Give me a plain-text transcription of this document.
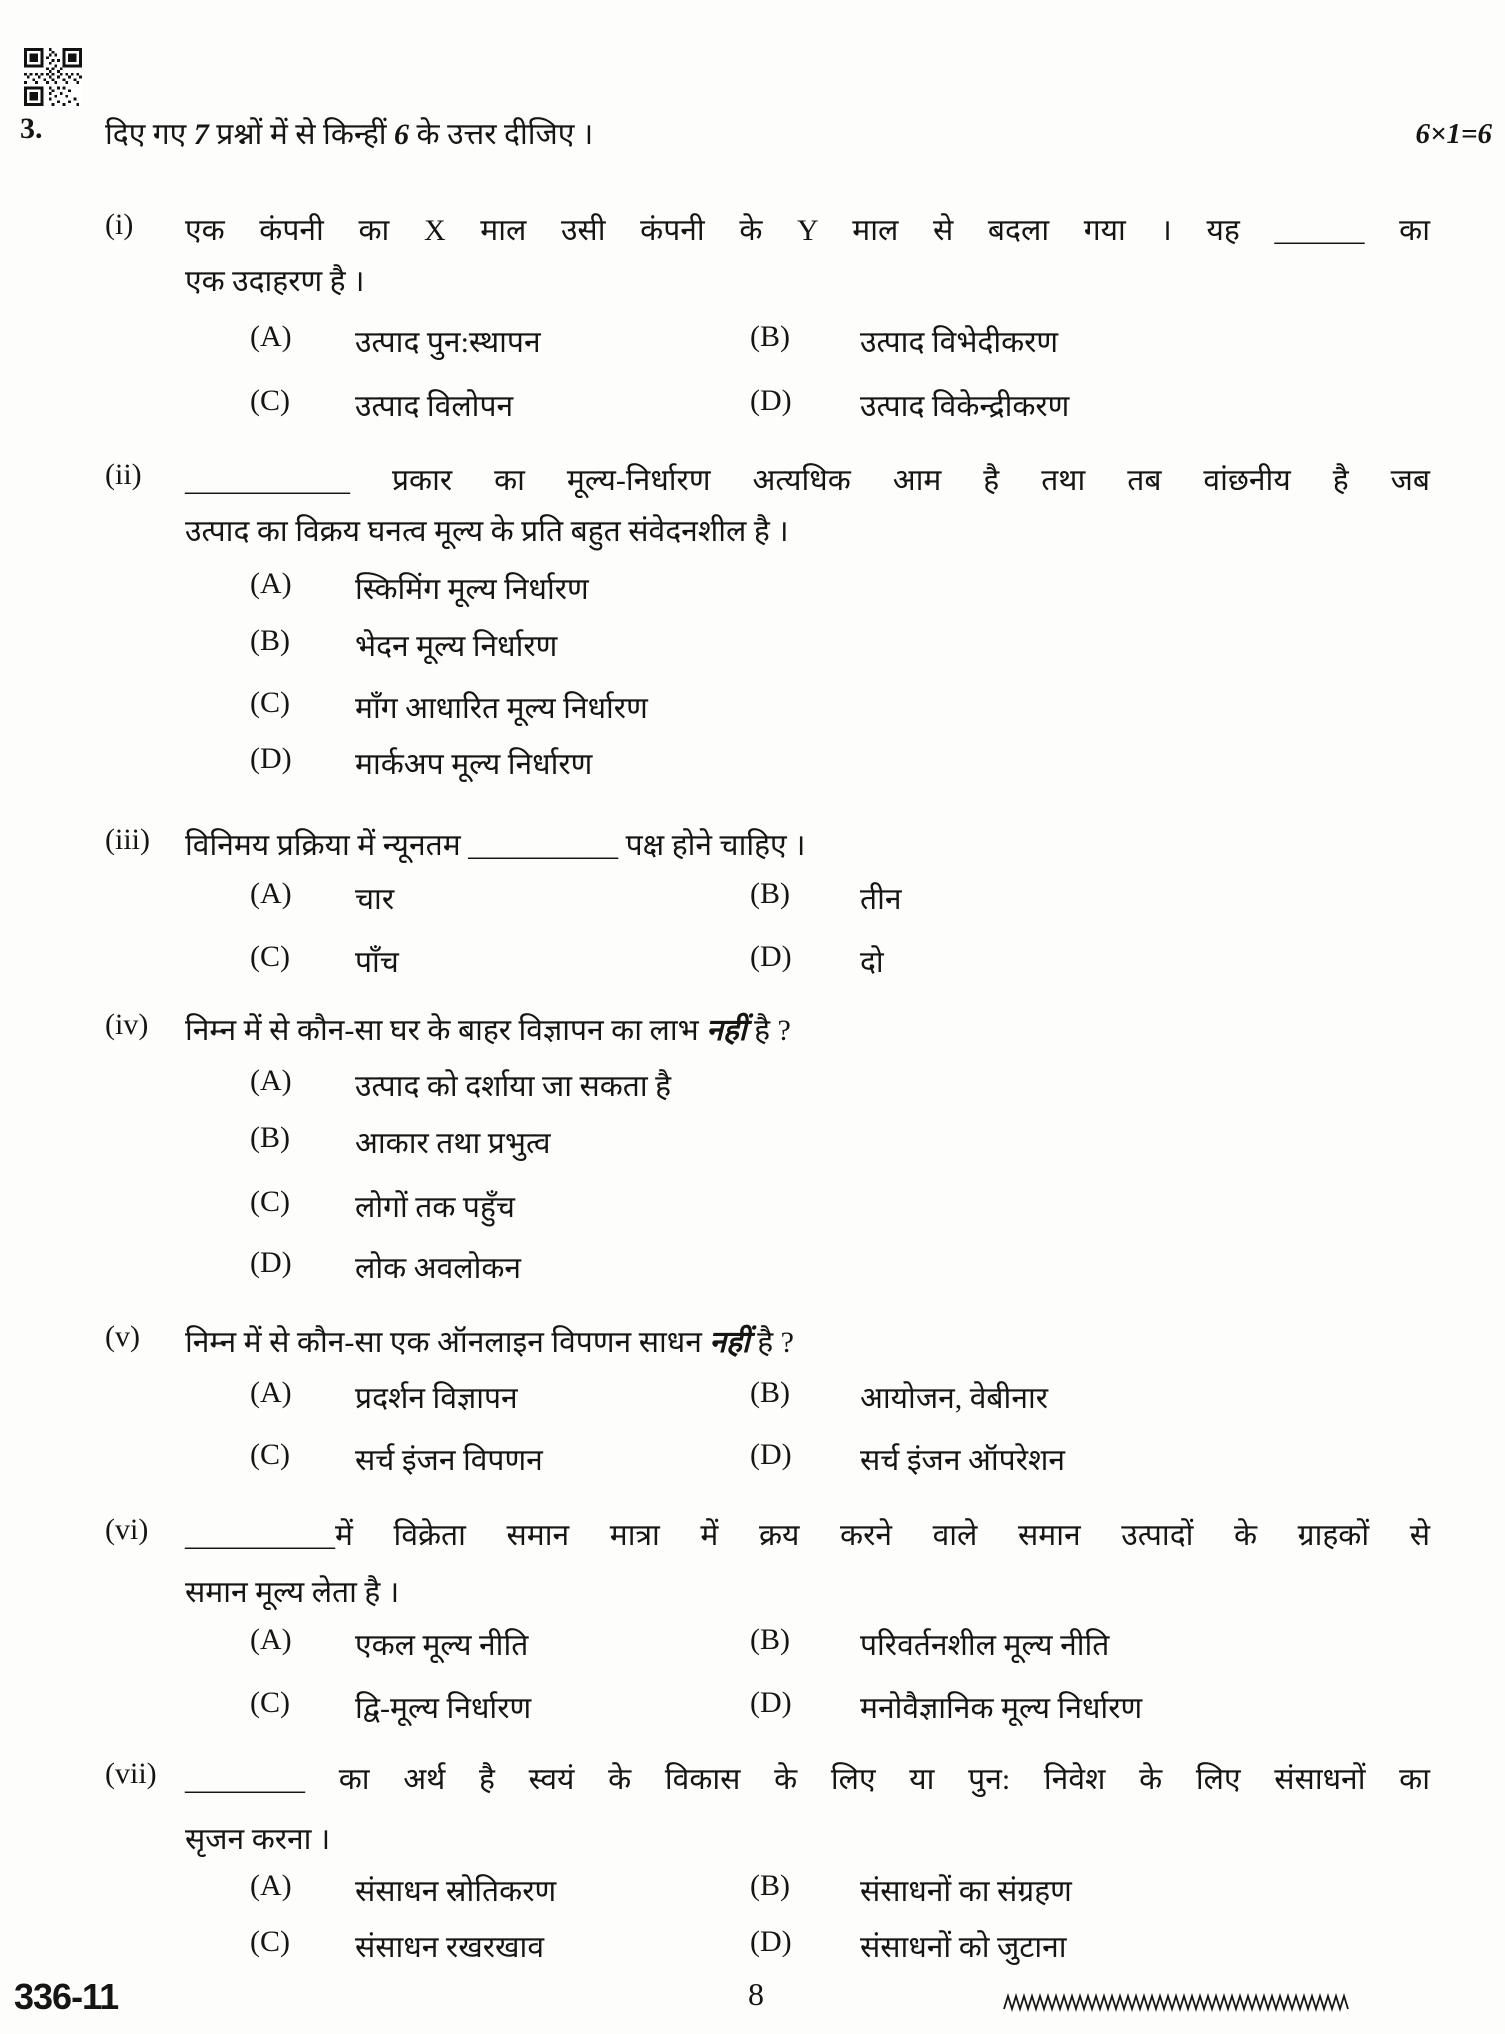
3. दिए गए 7 प्रश्नों में से किन्हीं 6 के उत्तर दीजिए ।	6×1=6
(i) एक कंपनी का X माल उसी कंपनी के Y माल से बदला गया । यह ______ का
एक उदाहरण है ।
(A) उत्पाद पुन:स्थापन	(B) उत्पाद विभेदीकरण
(C) उत्पाद विलोपन	(D) उत्पाद विकेन्द्रीकरण
(ii) ___________ प्रकार का मूल्य-निर्धारण अत्यधिक आम है तथा तब वांछनीय है जब
उत्पाद का विक्रय घनत्व मूल्य के प्रति बहुत संवेदनशील है ।
(A) स्किमिंग मूल्य निर्धारण
(B) भेदन मूल्य निर्धारण
(C) माँग आधारित मूल्य निर्धारण
(D) मार्कअप मूल्य निर्धारण
(iii) विनिमय प्रक्रिया में न्यूनतम __________ पक्ष होने चाहिए ।
(A) चार	(B) तीन
(C) पाँच	(D) दो
(iv) निम्न में से कौन-सा घर के बाहर विज्ञापन का लाभ नहीं है ?
(A) उत्पाद को दर्शाया जा सकता है
(B) आकार तथा प्रभुत्व
(C) लोगों तक पहुँच
(D) लोक अवलोकन
(v) निम्न में से कौन-सा एक ऑनलाइन विपणन साधन नहीं है ?
(A) प्रदर्शन विज्ञापन	(B) आयोजन, वेबीनार
(C) सर्च इंजन विपणन	(D) सर्च इंजन ऑपरेशन
(vi) __________में विक्रेता समान मात्रा में क्रय करने वाले समान उत्पादों के ग्राहकों से
समान मूल्य लेता है ।
(A) एकल मूल्य नीति	(B) परिवर्तनशील मूल्य नीति
(C) द्वि-मूल्य निर्धारण	(D) मनोवैज्ञानिक मूल्य निर्धारण
(vii) ________ का अर्थ है स्वयं के विकास के लिए या पुन: निवेश के लिए संसाधनों का
सृजन करना ।
(A) संसाधन स्रोतिकरण	(B) संसाधनों का संग्रहण
(C) संसाधन रखरखाव	(D) संसाधनों को जुटाना
336-11	8
